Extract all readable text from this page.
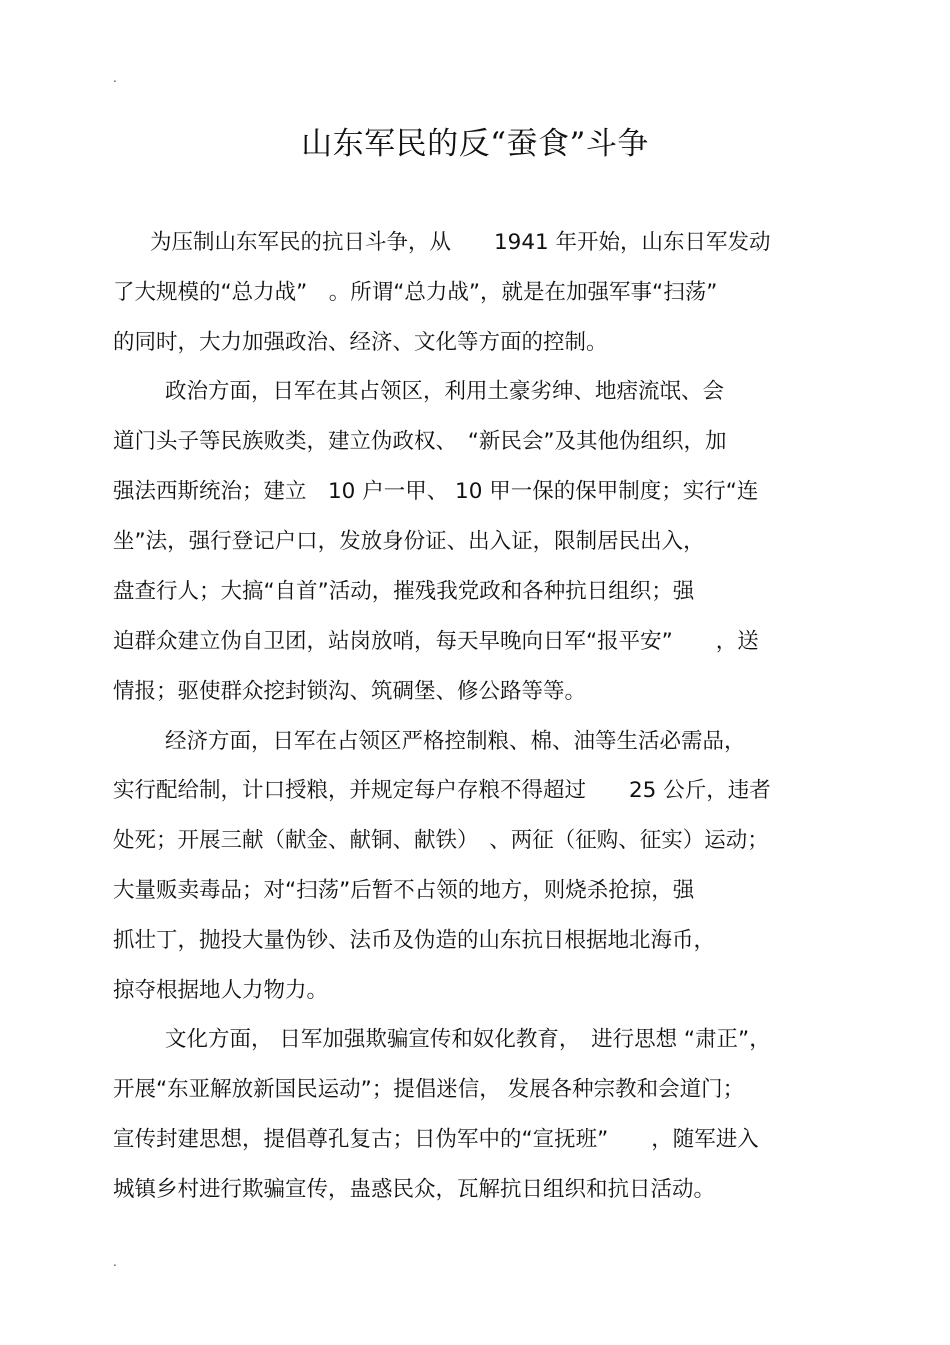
.
山东军民的反“蚕食”斗争
为压制山东军民的抗日斗争，从　　1941 年开始，山东日军发动
了大规模的“总力战”　。所谓“总力战”，就是在加强军事“扫荡”
的同时，大力加强政治、经济、文化等方面的控制。
政治方面，日军在其占领区，利用土豪劣绅、地痞流氓、会
道门头子等民族败类，建立伪政权、　“新民会”及其他伪组织，加
强法西斯统治；建立　10 户一甲、 10 甲一保的保甲制度；实行“连
坐”法，强行登记户口，发放身份证、出入证，限制居民出入，
盘查行人；大搞“自首”活动，摧残我党政和各种抗日组织；强
迫群众建立伪自卫团，站岗放哨，每天早晚向日军“报平安”　　，送
情报；驱使群众挖封锁沟、筑碉堡、修公路等等。
经济方面，日军在占领区严格控制粮、棉、油等生活必需品，
实行配给制，计口授粮，并规定每户存粮不得超过　　25 公斤，违者
处死；开展三献（献金、献铜、献铁）　、两征（征购、征实）运动；
大量贩卖毒品；对“扫荡”后暂不占领的地方，则烧杀抢掠，强
抓壮丁，抛投大量伪钞、法币及伪造的山东抗日根据地北海币，
掠夺根据地人力物力。
文化方面， 日军加强欺骗宣传和奴化教育，　进行思想 “肃正”，
开展“东亚解放新国民运动”；提倡迷信， 发展各种宗教和会道门；
宣传封建思想，提倡尊孔复古；日伪军中的“宣抚班”　　，随军进入
城镇乡村进行欺骗宣传，蛊惑民众，瓦解抗日组织和抗日活动。
.
